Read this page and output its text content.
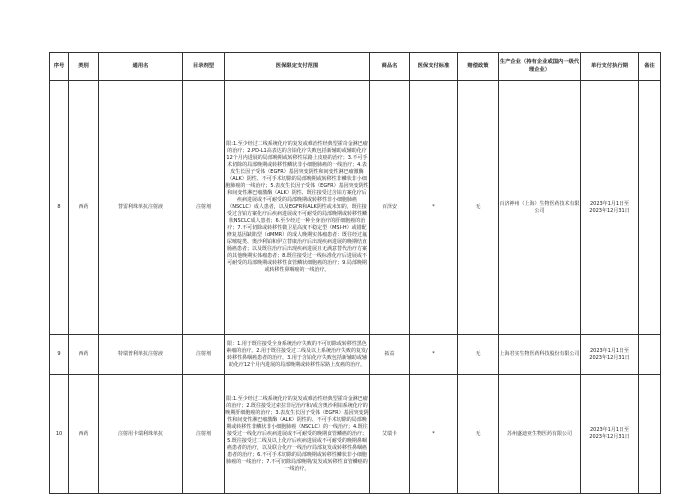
序号	类别	通用名	目录剂型	医保限定支付范围	商品名	医保支付标准	赔偿政策	生产企业（持有企业或国内一级代理企业）	单行支付执行期	备注
8	西药	替雷利珠单抗注射液	注射剂	限:1.至少经过二线系统化疗的复发或难治性经典型霍奇金淋巴瘤的治疗；2.PD-L1高表达的含铂化疗失败包括新辅助或辅助化疗12个月内进展的局部晚期或转移性尿路上皮癌的治疗；3.不可手术切除的局部晚期或转移性鳞状非小细胞肺癌的一线治疗；4.表皮生长因子受体（EGFR）基因突变阴性和间变性淋巴瘤激酶（ALK）阴性、不可手术切除的局部晚期或转移性非鳞状非小细胞肺癌的一线治疗；5.表皮生长因子受体（EGFR）基因突变阴性和间变性淋巴瘤激酶（ALK）阴性、既往接受过含铂方案化疗后疾病进展或不可耐受的局部晚期或转移性非小细胞肺癌（NSCLC）成人患者，以及EGFR和ALK阴性或未知的，既往接受过含铂方案化疗后疾病进展或不可耐受的局部晚期或转移性鳞状NSCLC成人患者；6.至少经过一种全身治疗的肝细胞癌的治疗；7.不可切除或转移性微卫星高度不稳定型（MSI-H）或错配修复基因缺陷型（dMMR）的成人晚期实体瘤患者：既往经过氟尿嘧啶类、奥沙利铂和伊立替康治疗后出现疾病进展的晚期结直肠癌患者；以及既往治疗后出现疾病进展且无满意替代治疗方案的其他晚期实体瘤患者；8.既往接受过一线标准化疗后进展或不可耐受的局部晚期或转移性食管鳞状细胞癌的治疗；9.局部晚期或转移性鼻咽癌的一线治疗。	百泽安	*	无	百济神州（上海）生物医药技术有限公司	2023年1月1日至
2023年12月31日	

9	西药	特瑞普利单抗注射液	注射剂	限：1.用于既往接受全身系统治疗失败的不可切除或转移性黑色素瘤的治疗。2.用于既往接受过二线及以上系统治疗失败的复发/转移性鼻咽癌患者的治疗。3.用于含铂化疗失败包括新辅助或辅助化疗12个月内进展的局部晚期或转移性尿路上皮癌的治疗。	拓益	*	无	上海君实生物医药科技股份有限公司	2023年1月1日至
2023年12月31日	

10	西药	注射用卡瑞利珠单抗	注射剂	限:1.至少经过二线系统化疗的复发或难治性经典型霍奇金淋巴瘤的治疗；2.既往接受过索拉非尼治疗和/或含奥沙利铂系统化疗的晚期肝细胞癌的治疗；3.表皮生长因子受体（EGFR）基因突变阴性和间变性淋巴瘤激酶（ALK）阴性的、不可手术切除的局部晚期或转移性非鳞状非小细胞肺癌（NSCLC）的一线治疗；4.既往接受过一线化疗后疾病进展或不可耐受的晚期食管鳞癌的治疗；5.既往接受过二线及以上化疗后疾病进展或不可耐受的晚期鼻咽癌患者的治疗，以及联合化疗一线治疗局部复发或转移性鼻咽癌患者的治疗；6.不可手术切除的局部晚期或转移性鳞状非小细胞肺癌的一线治疗；7.不可切除局部晚期/复发或转移性食管鳞癌的一线治疗。	艾瑞卡	*	无	苏州盛迪亚生物医药有限公司	2023年1月1日至
2023年12月31日	
